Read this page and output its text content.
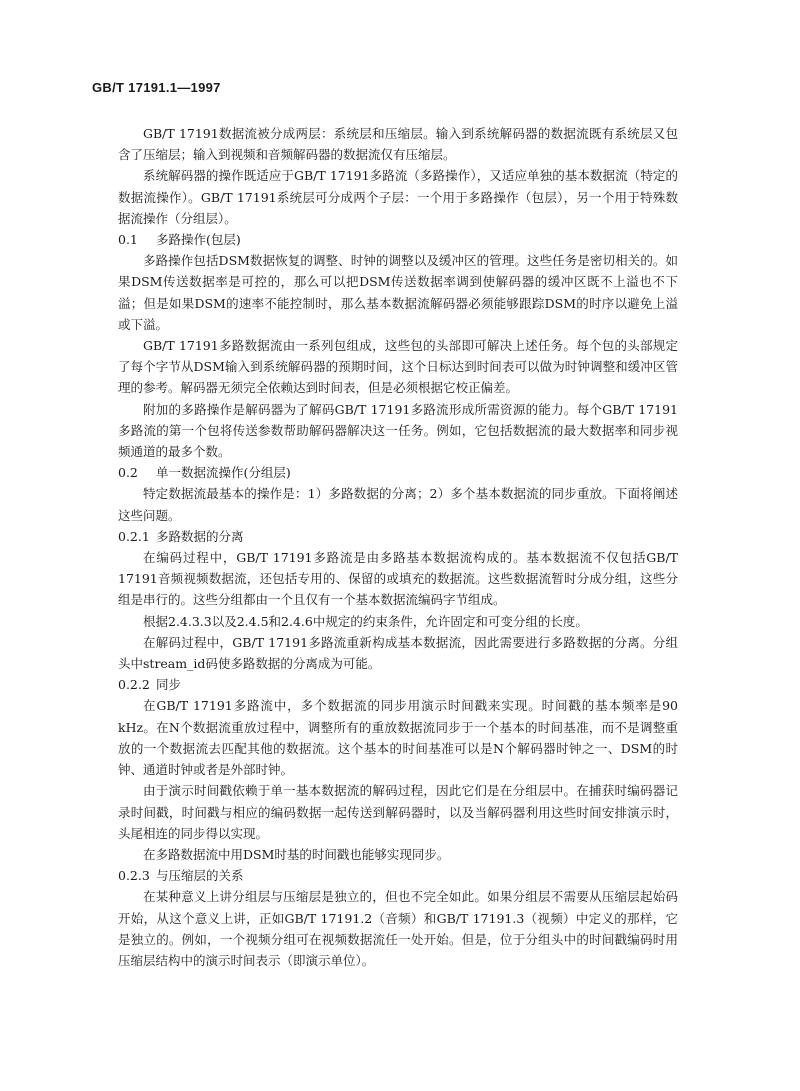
GB/T 17191.1—1997

GB/T 17191数据流被分成两层：系统层和压缩层。输入到系统解码器的数据流既有系统层又包含了压缩层；输入到视频和音频解码器的数据流仅有压缩层。

系统解码器的操作既适应于GB/T 17191多路流（多路操作），又适应单独的基本数据流（特定的数据流操作）。GB/T 17191系统层可分成两个子层：一个用于多路操作（包层），另一个用于特殊数据流操作（分组层）。

0.1 多路操作(包层)

多路操作包括DSM数据恢复的调整、时钟的调整以及缓冲区的管理。这些任务是密切相关的。如果DSM传送数据率是可控的，那么可以把DSM传送数据率调到使解码器的缓冲区既不上溢也不下溢；但是如果DSM的速率不能控制时，那么基本数据流解码器必须能够跟踪DSM的时序以避免上溢或下溢。

GB/T 17191多路数据流由一系列包组成，这些包的头部即可解决上述任务。每个包的头部规定了每个字节从DSM输入到系统解码器的预期时间，这个日标达到时间表可以做为时钟调整和缓冲区管理的参考。解码器无须完全依赖达到时间表，但是必须根据它校正偏差。

附加的多路操作是解码器为了解码GB/T 17191多路流形成所需资源的能力。每个GB/T 17191多路流的第一个包将传送参数帮助解码器解决这一任务。例如，它包括数据流的最大数据率和同步视频通道的最多个数。

0.2 单一数据流操作(分组层)

特定数据流最基本的操作是：1）多路数据的分离；2）多个基本数据流的同步重放。下面将阐述这些问题。

0.2.1 多路数据的分离

在编码过程中，GB/T 17191多路流是由多路基本数据流构成的。基本数据流不仅包括GB/T 17191音频视频数据流，还包括专用的、保留的或填充的数据流。这些数据流暂时分成分组，这些分组是串行的。这些分组都由一个且仅有一个基本数据流编码字节组成。

根据2.4.3.3以及2.4.5和2.4.6中规定的约束条件，允许固定和可变分组的长度。

在解码过程中，GB/T 17191多路流重新构成基本数据流，因此需要进行多路数据的分离。分组头中stream_id码使多路数据的分离成为可能。

0.2.2 同步

在GB/T 17191多路流中，多个数据流的同步用演示时间戳来实现。时间戳的基本频率是90 kHz。在N个数据流重放过程中，调整所有的重放数据流同步于一个基本的时间基准，而不是调整重放的一个数据流去匹配其他的数据流。这个基本的时间基准可以是N个解码器时钟之一、DSM的时钟、通道时钟或者是外部时钟。

由于演示时间戳依赖于单一基本数据流的解码过程，因此它们是在分组层中。在捕获时编码器记录时间戳，时间戳与相应的编码数据一起传送到解码器时，以及当解码器利用这些时间安排演示时，头尾相连的同步得以实现。

在多路数据流中用DSM时基的时间戳也能够实现同步。

0.2.3 与压缩层的关系

在某种意义上讲分组层与压缩层是独立的，但也不完全如此。如果分组层不需要从压缩层起始码开始，从这个意义上讲，正如GB/T 17191.2（音频）和GB/T 17191.3（视频）中定义的那样，它是独立的。例如，一个视频分组可在视频数据流任一处开始。但是，位于分组头中的时间戳编码时用压缩层结构中的演示时间表示（即演示单位）。
